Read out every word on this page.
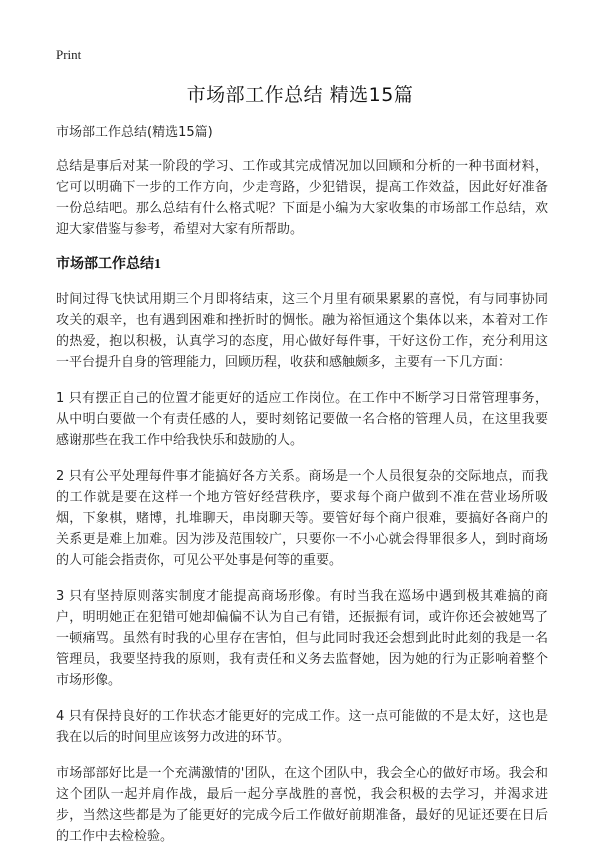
Print
市场部工作总结 精选15篇

市场部工作总结(精选15篇)

总结是事后对某一阶段的学习、工作或其完成情况加以回顾和分析的一种书面材料，它可以明确下一步的工作方向，少走弯路，少犯错误，提高工作效益，因此好好准备一份总结吧。那么总结有什么格式呢？下面是小编为大家收集的市场部工作总结，欢迎大家借鉴与参考，希望对大家有所帮助。

市场部工作总结1

时间过得飞快试用期三个月即将结束，这三个月里有硕果累累的喜悦，有与同事协同攻关的艰辛，也有遇到困难和挫折时的惆怅。融为裕恒通这个集体以来，本着对工作的热爱，抱以积极，认真学习的态度，用心做好每件事，干好这份工作，充分利用这一平台提升自身的管理能力，回顾历程，收获和感触颇多，主要有一下几方面：

1 只有摆正自己的位置才能更好的适应工作岗位。在工作中不断学习日常管理事务，从中明白要做一个有责任感的人，要时刻铭记要做一名合格的管理人员，在这里我要感谢那些在我工作中给我快乐和鼓励的人。

2 只有公平处理每件事才能搞好各方关系。商场是一个人员很复杂的交际地点，而我的工作就是要在这样一个地方管好经营秩序，要求每个商户做到不准在营业场所吸烟，下象棋，赌博，扎堆聊天，串岗聊天等。要管好每个商户很难，要搞好各商户的关系更是难上加难。因为涉及范围较广，只要你一不小心就会得罪很多人，到时商场的人可能会指责你，可见公平处事是何等的重要。

3 只有坚持原则落实制度才能提高商场形像。有时当我在巡场中遇到极其难搞的商户，明明她正在犯错可她却偏偏不认为自己有错，还振振有词，或许你还会被她骂了一顿痛骂。虽然有时我的心里存在害怕，但与此同时我还会想到此时此刻的我是一名管理员，我要坚持我的原则，我有责任和义务去监督她，因为她的行为正影响着整个市场形像。

4 只有保持良好的工作状态才能更好的完成工作。这一点可能做的不是太好，这也是我在以后的时间里应该努力改进的环节。

市场部部好比是一个充满激情的'团队，在这个团队中，我会全心的做好市场。我会和这个团队一起并肩作战，最后一起分享战胜的喜悦，我会积极的去学习，并渴求进步，当然这些都是为了能更好的完成今后工作做好前期准备，最好的见证还要在日后的工作中去检检验。
